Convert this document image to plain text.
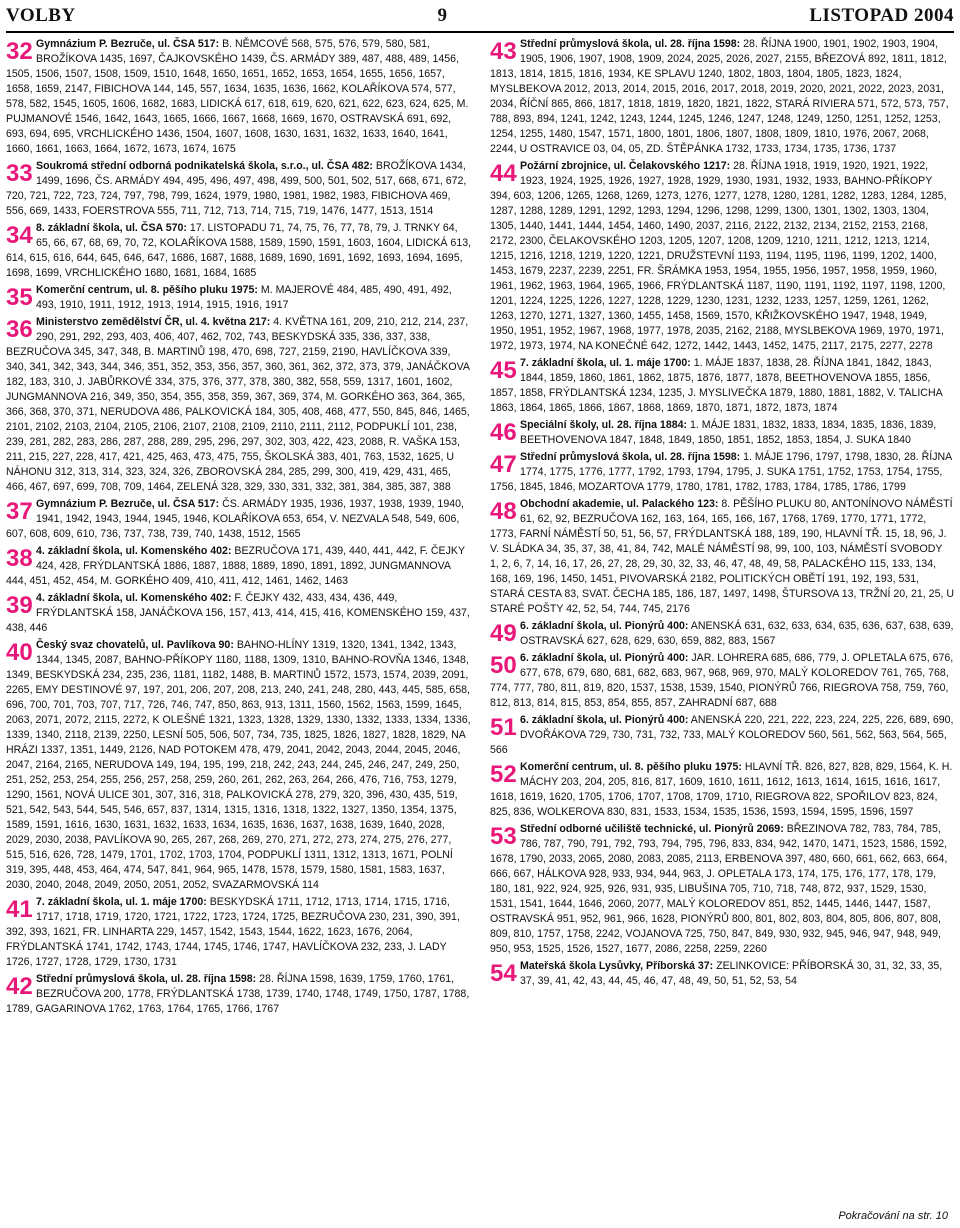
VOLBY	9	LISTOPAD 2004
32 Gymnázium P. Bezruče, ul. ČSA 517: B. NĚMCOVÉ 568, 575, 576, 579, 580, 581, BROŽÍKOVA 1435, 1697, ČAJKOVSKÉHO 1439, ČS. ARMÁDY 389, 487, 488, 489, 1456, 1505, 1506, 1507, 1508, 1509, 1510, 1648, 1650, 1651, 1652, 1653, 1654, 1655, 1656, 1657, 1658, 1659, 2147, FIBICHOVA 144, 145, 557, 1634, 1635, 1636, 1662, KOLAŘÍKOVA 574, 577, 578, 582, 1545, 1605, 1606, 1682, 1683, LIDICKÁ 617, 618, 619, 620, 621, 622, 623, 624, 625, M. PUJMANOVÉ 1546, 1642, 1643, 1665, 1666, 1667, 1668, 1669, 1670, OSTRAVSKÁ 691, 692, 693, 694, 695, VRCHLICKÉHO 1436, 1504, 1607, 1608, 1630, 1631, 1632, 1633, 1640, 1641, 1660, 1661, 1663, 1664, 1672, 1673, 1674, 1675
33 Soukromá střední odborná podnikatelská škola, s.r.o., ul. ČSA 482: BROŽÍKOVA 1434, 1499, 1696, ČS. ARMÁDY 494, 495, 496, 497, 498, 499, 500, 501, 502, 517, 668, 671, 672, 720, 721, 722, 723, 724, 797, 798, 799, 1624, 1979, 1980, 1981, 1982, 1983, FIBICHOVA 469, 556, 669, 1433, FOERSTROVA 555, 711, 712, 713, 714, 715, 719, 1476, 1477, 1513, 1514
34 8. základní škola, ul. ČSA 570: 17. LISTOPADU 71, 74, 75, 76, 77, 78, 79, J. TRNKY 64, 65, 66, 67, 68, 69, 70, 72, KOLAŘÍKOVA 1588, 1589, 1590, 1591, 1603, 1604, LIDICKÁ 613, 614, 615, 616, 644, 645, 646, 647, 1686, 1687, 1688, 1689, 1690, 1691, 1692, 1693, 1694, 1695, 1698, 1699, VRCHLICKÉHO 1680, 1681, 1684, 1685
35 Komerční centrum, ul. 8. pěšího pluku 1975: M. MAJEROVÉ 484, 485, 490, 491, 492, 493, 1910, 1911, 1912, 1913, 1914, 1915, 1916, 1917
36 Ministerstvo zemědělství ČR, ul. 4. května 217: 4. KVĚTNA 161, 209, 210, 212, 214, 237, 290, 291, 292, 293, 403, 406, 407, 462, 702, 743, BESKYDSKÁ 335, 336, 337, 338, BEZRUČOVA 345, 347, 348, B. MARTINŮ 198, 470, 698, 727, 2159, 2190, HAVLÍČKOVA 339, 340, 341, 342, 343, 344, 346, 351, 352, 353, 356, 357, 360, 361, 362, 372, 373, 379, JANÁČKOVA 182, 183, 310, J. JABŮRKOVÉ 334, 375, 376, 377, 378, 380, 382, 558, 559, 1317, 1601, 1602, JUNGMANNOVA 216, 349, 350, 354, 355, 358, 359, 367, 369, 374, M. GORKÉHO 363, 364, 365, 366, 368, 370, 371, NERUDOVA 486, PALKOVICKÁ 184, 305, 408, 468, 477, 550, 845, 846, 1465, 2101, 2102, 2103, 2104, 2105, 2106, 2107, 2108, 2109, 2110, 2111, 2112, PODPUKLÍ 101, 238, 239, 281, 282, 283, 286, 287, 288, 289, 295, 296, 297, 302, 303, 422, 423, 2088, R. VAŠKA 153, 211, 215, 227, 228, 417, 421, 425, 463, 473, 475, 755, ŠKOLSKÁ 383, 401, 763, 1532, 1625, U NÁHONU 312, 313, 314, 323, 324, 326, ZBOROVSKÁ 284, 285, 299, 300, 419, 429, 431, 465, 466, 467, 697, 699, 708, 709, 1464, ZELENÁ 328, 329, 330, 331, 332, 381, 384, 385, 387, 388
37 Gymnázium P. Bezruče, ul. ČSA 517: ČS. ARMÁDY 1935, 1936, 1937, 1938, 1939, 1940, 1941, 1942, 1943, 1944, 1945, 1946, KOLAŘÍKOVA 653, 654, V. NEZVALA 548, 549, 606, 607, 608, 609, 610, 736, 737, 738, 739, 740, 1438, 1512, 1565
38 4. základní škola, ul. Komenského 402: BEZRUČOVA 171, 439, 440, 441, 442, F. ČEJKY 424, 428, FRÝDLANTSKÁ 1886, 1887, 1888, 1889, 1890, 1891, 1892, JUNGMANNOVA 444, 451, 452, 454, M. GORKÉHO 409, 410, 411, 412, 1461, 1462, 1463
39 4. základní škola, ul. Komenského 402: F. ČEJKY 432, 433, 434, 436, 449, FRÝDLANTSKÁ 158, JANÁČKOVA 156, 157, 413, 414, 415, 416, KOMENSKÉHO 159, 437, 438, 446
40 Český svaz chovatelů, ul. Pavlíkova 90: BAHNO-HLÍNY 1319, 1320, 1341, 1342, 1343, 1344, 1345, 2087, BAHNO-PŘÍKOPY 1180, 1188, 1309, 1310, BAHNO-ROVŇA 1346, 1348, 1349, BESKYDSKÁ 234, 235, 236, 1181, 1182, 1488, B. MARTINŮ 1572, 1573, 1574, 2039, 2091, 2265, EMY DESTINOVÉ 97, 197, 201, 206, 207, 208, 213, 240, 241, 248, 280, 443, 445, 585, 658, 696, 700, 701, 703, 707, 717, 726, 746, 747, 850, 863, 913, 1311, 1560, 1562, 1563, 1599, 1645, 2063, 2071, 2072, 2115, 2272, K OLEŠNÉ 1321, 1323, 1328, 1329, 1330, 1332, 1333, 1334, 1336, 1339, 1340, 2118, 2139, 2250, LESNÍ 505, 506, 507, 734, 735, 1825, 1826, 1827, 1828, 1829, NA HRÁZI 1337, 1351, 1449, 2126, NAD POTOKEM 478, 479, 2041, 2042, 2043, 2044, 2045, 2046, 2047, 2164, 2165, NERUDOVA 149, 194, 195, 199, 218, 242, 243, 244, 245, 246, 247, 249, 250, 251, 252, 253, 254, 255, 256, 257, 258, 259, 260, 261, 262, 263, 264, 266, 476, 716, 753, 1279, 1290, 1561, NOVÁ ULICE 301, 307, 316, 318, PALKOVICKÁ 278, 279, 320, 396, 430, 435, 519, 521, 542, 543, 544, 545, 546, 657, 837, 1314, 1315, 1316, 1318, 1322, 1327, 1350, 1354, 1375, 1589, 1591, 1616, 1630, 1631, 1632, 1633, 1634, 1635, 1636, 1637, 1638, 1639, 1640, 2028, 2029, 2030, 2038, PAVLÍKOVA 90, 265, 267, 268, 269, 270, 271, 272, 273, 274, 275, 276, 277, 515, 516, 626, 728, 1479, 1701, 1702, 1703, 1704, PODPUKLÍ 1311, 1312, 1313, 1671, POLNÍ 319, 395, 448, 453, 464, 474, 547, 841, 964, 965, 1478, 1578, 1579, 1580, 1581, 1583, 1637, 2030, 2040, 2048, 2049, 2050, 2051, 2052, SVAZARMOVSKÁ 114
41 7. základní škola, ul. 1. máje 1700: BESKYDSKÁ 1711, 1712, 1713, 1714, 1715, 1716, 1717, 1718, 1719, 1720, 1721, 1722, 1723, 1724, 1725, BEZRUČOVA 230, 231, 390, 391, 392, 393, 1621, FR. LINHARTA 229, 1457, 1542, 1543, 1544, 1622, 1623, 1676, 2064, FRÝDLANTSKÁ 1741, 1742, 1743, 1744, 1745, 1746, 1747, HAVLÍČKOVA 232, 233, J. LADY 1726, 1727, 1728, 1729, 1730, 1731
42 Střední průmyslová škola, ul. 28. října 1598: 28. ŘÍJNA 1598, 1639, 1759, 1760, 1761, BEZRUČOVA 200, 1778, FRÝDLANTSKÁ 1738, 1739, 1740, 1748, 1749, 1750, 1787, 1788, 1789, GAGARINOVA 1762, 1763, 1764, 1765, 1766, 1767
43 Střední průmyslová škola, ul. 28. října 1598: 28. ŘÍJNA 1900, 1901, 1902, 1903, 1904, 1905, 1906, 1907, 1908, 1909, 2024, 2025, 2026, 2027, 2155, BŘEZOVÁ 892, 1811, 1812, 1813, 1814, 1815, 1816, 1934, KE SPLAVU 1240, 1802, 1803, 1804, 1805, 1823, 1824, MYSLBEKOVA 2012, 2013, 2014, 2015, 2016, 2017, 2018, 2019, 2020, 2021, 2022, 2023, 2031, 2034, ŘÍČNÍ 865, 866, 1817, 1818, 1819, 1820, 1821, 1822, STARÁ RIVIERA 571, 572, 573, 757, 788, 893, 894, 1241, 1242, 1243, 1244, 1245, 1246, 1247, 1248, 1249, 1250, 1251, 1252, 1253, 1254, 1255, 1480, 1547, 1571, 1800, 1801, 1806, 1807, 1808, 1809, 1810, 1976, 2067, 2068, 2244, U OSTRAVICE 03, 04, 05, ZD. ŠTĚPÁNKA 1732, 1733, 1734, 1735, 1736, 1737
44 Požární zbrojnice, ul. Čelakovského 1217: 28. ŘÍJNA 1918, 1919, 1920, 1921, 1922, 1923, 1924, 1925, 1926, 1927, 1928, 1929, 1930, 1931, 1932, 1933, BAHNO-PŘÍKOPY 394, 603, 1206, 1265, 1268, 1269, 1273, 1276, 1277, 1278, 1280, 1281, 1282, 1283, 1284, 1285, 1287, 1288, 1289, 1291, 1292, 1293, 1294, 1296, 1298, 1299, 1300, 1301, 1302, 1303, 1304, 1305, 1440, 1441, 1444, 1454, 1460, 1490, 2037, 2116, 2122, 2132, 2134, 2152, 2153, 2168, 2172, 2300, ČELAKOVSKÉHO 1203, 1205, 1207, 1208, 1209, 1210, 1211, 1212, 1213, 1214, 1215, 1216, 1218, 1219, 1220, 1221, DRUŽSTEVNÍ 1193, 1194, 1195, 1196, 1199, 1202, 1400, 1453, 1679, 2237, 2239, 2251, FR. ŠRÁMKA 1953, 1954, 1955, 1956, 1957, 1958, 1959, 1960, 1961, 1962, 1963, 1964, 1965, 1966, FRÝDLANTSKÁ 1187, 1190, 1191, 1192, 1197, 1198, 1200, 1201, 1224, 1225, 1226, 1227, 1228, 1229, 1230, 1231, 1232, 1233, 1257, 1259, 1261, 1262, 1263, 1270, 1271, 1327, 1360, 1455, 1458, 1569, 1570, KŘIŽKOVSKÉHO 1947, 1948, 1949, 1950, 1951, 1952, 1967, 1968, 1977, 1978, 2035, 2162, 2188, MYSLBEKOVA 1969, 1970, 1971, 1972, 1973, 1974, NA KONEČNÉ 642, 1272, 1442, 1443, 1452, 1475, 2117, 2175, 2277, 2278
45 7. základní škola, ul. 1. máje 1700: 1. MÁJE 1837, 1838, 28. ŘÍJNA 1841, 1842, 1843, 1844, 1859, 1860, 1861, 1862, 1875, 1876, 1877, 1878, BEETHOVENOVA 1855, 1856, 1857, 1858, FRÝDLANTSKÁ 1234, 1235, J. MYSLIVEČKA 1879, 1880, 1881, 1882, V. TALICHA 1863, 1864, 1865, 1866, 1867, 1868, 1869, 1870, 1871, 1872, 1873, 1874
46 Speciální školy, ul. 28. října 1884: 1. MÁJE 1831, 1832, 1833, 1834, 1835, 1836, 1839, BEETHOVENOVA 1847, 1848, 1849, 1850, 1851, 1852, 1853, 1854, J. SUKA 1840
47 Střední průmyslová škola, ul. 28. října 1598: 1. MÁJE 1796, 1797, 1798, 1830, 28. ŘÍJNA 1774, 1775, 1776, 1777, 1792, 1793, 1794, 1795, J. SUKA 1751, 1752, 1753, 1754, 1755, 1756, 1845, 1846, MOZARTOVA 1779, 1780, 1781, 1782, 1783, 1784, 1785, 1786, 1799
48 Obchodní akademie, ul. Palackého 123: 8. PĚŠÍHO PLUKU 80, ANTONÍNOVO NÁMĚSTÍ 61, 62, 92, BEZRUČOVA 162, 163, 164, 165, 166, 167, 1768, 1769, 1770, 1771, 1772, 1773, FARNÍ NÁMĚSTÍ 50, 51, 56, 57, FRÝDLANTSKÁ 188, 189, 190, HLAVNÍ TŘ. 15, 18, 96, J. V. SLÁDKA 34, 35, 37, 38, 41, 84, 742, MALÉ NÁMĚSTÍ 98, 99, 100, 103, NÁMĚSTÍ SVOBODY 1, 2, 6, 7, 14, 16, 17, 26, 27, 28, 29, 30, 32, 33, 46, 47, 48, 49, 58, PALACKÉHO 115, 133, 134, 168, 169, 196, 1450, 1451, PIVOVARSKÁ 2182, POLITICKÝCH OBĚTÍ 191, 192, 193, 531, STARÁ CESTA 83, SVAT. ČECHA 185, 186, 187, 1497, 1498, ŠTURSOVA 13, TRŽNÍ 20, 21, 25, U STARÉ POŠTY 42, 52, 54, 744, 745, 2176
49 6. základní škola, ul. Pionýrů 400: ANENSKÁ 631, 632, 633, 634, 635, 636, 637, 638, 639, OSTRAVSKÁ 627, 628, 629, 630, 659, 882, 883, 1567
50 6. základní škola, ul. Pionýrů 400: JAR. LOHRERA 685, 686, 779, J. OPLETALA 675, 676, 677, 678, 679, 680, 681, 682, 683, 967, 968, 969, 970, MALÝ KOLOREDOV 761, 765, 768, 774, 777, 780, 811, 819, 820, 1537, 1538, 1539, 1540, PIONÝRŮ 766, RIEGROVA 758, 759, 760, 812, 813, 814, 815, 853, 854, 855, 857, ZAHRADNÍ 687, 688
51 6. základní škola, ul. Pionýrů 400: ANENSKÁ 220, 221, 222, 223, 224, 225, 226, 689, 690, DVOŘÁKOVA 729, 730, 731, 732, 733, MALÝ KOLOREDOV 560, 561, 562, 563, 564, 565, 566
52 Komerční centrum, ul. 8. pěšího pluku 1975: HLAVNÍ TŘ. 826, 827, 828, 829, 1564, K. H. MÁCHY 203, 204, 205, 816, 817, 1609, 1610, 1611, 1612, 1613, 1614, 1615, 1616, 1617, 1618, 1619, 1620, 1705, 1706, 1707, 1708, 1709, 1710, RIEGROVA 822, SPOŘILOV 823, 824, 825, 836, WOLKEROVA 830, 831, 1533, 1534, 1535, 1536, 1593, 1594, 1595, 1596, 1597
53 Střední odborné učiliště technické, ul. Pionýrů 2069: BŘEZINOVA 782, 783, 784, 785, 786, 787, 790, 791, 792, 793, 794, 795, 796, 833, 834, 942, 1470, 1471, 1523, 1586, 1592, 1678, 1790, 2033, 2065, 2080, 2083, 2085, 2113, ERBENOVA 397, 480, 660, 661, 662, 663, 664, 666, 667, HÁLKOVA 928, 933, 934, 944, 963, J. OPLETALA 173, 174, 175, 176, 177, 178, 179, 180, 181, 922, 924, 925, 926, 931, 935, LIBUŠINA 705, 710, 718, 748, 872, 937, 1529, 1530, 1531, 1541, 1644, 1646, 2060, 2077, MALÝ KOLOREDOV 851, 852, 1445, 1446, 1447, 1587, OSTRAVSKÁ 951, 952, 961, 966, 1628, PIONÝRŮ 800, 801, 802, 803, 804, 805, 806, 807, 808, 809, 810, 1757, 1758, 2242, VOJANOVA 725, 750, 847, 849, 930, 932, 945, 946, 947, 948, 949, 950, 953, 1525, 1526, 1527, 1677, 2086, 2258, 2259, 2260
54 Mateřská škola Lysůvky, Příborská 37: ZELINKOVICE: PŘÍBORSKÁ 30, 31, 32, 33, 35, 37, 39, 41, 42, 43, 44, 45, 46, 47, 48, 49, 50, 51, 52, 53, 54
Pokračování na str. 10
